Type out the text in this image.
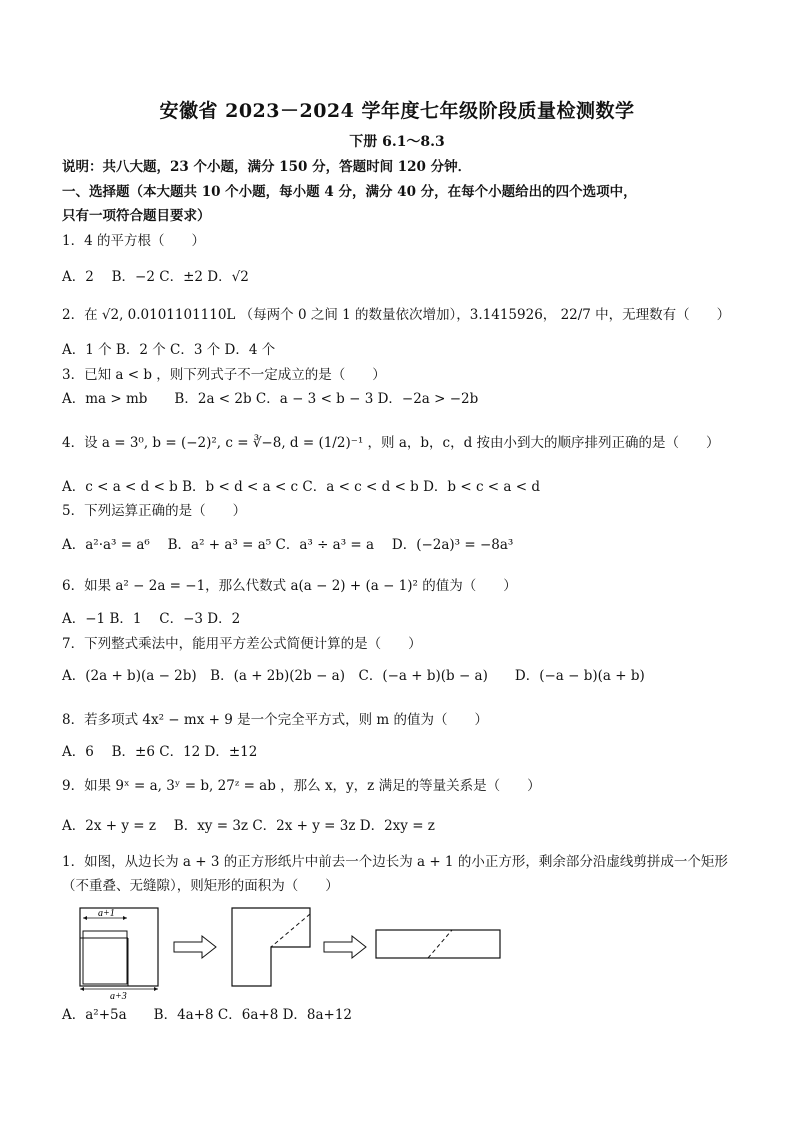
安徽省 2023－2024 学年度七年级阶段质量检测数学
下册 6.1～8.3
说明：共八大题，23 个小题，满分 150 分，答题时间 120 分钟．
一、选择题（本大题共 10 个小题，每小题 4 分，满分 40 分，在每个小题给出的四个选项中，
只有一项符合题目要求）
1．4 的平方根（　　）
A．2　 B．−2 C．±2 D．√2
2．在 √2, 0.0101101110L （每两个 0 之间 1 的数量依次增加），3.1415926， 22/7 中，无理数有（　　）
A．1 个 B．2 个 C．3 个 D．4 个
3．已知 a < b ，则下列式子不一定成立的是（　　）
A．ma > mb　　B．2a < 2b C．a − 3 < b − 3 D．−2a > −2b
4．设 a = 3⁰, b = (−2)², c = ∛−8, d = (1/2)⁻¹ ，则 a，b，c，d 按由小到大的顺序排列正确的是（　　）
A．c < a < d < b B．b < d < a < c C．a < c < d < b D．b < c < a < d
5．下列运算正确的是（　　）
A．a²·a³ = a⁶　 B．a² + a³ = a⁵ C．a³ ÷ a³ = a　 D．(−2a)³ = −8a³
6．如果 a² − 2a = −1，那么代数式 a(a − 2) + (a − 1)² 的值为（　　）
A．−1 B．1　 C．−3 D．2
7．下列整式乘法中，能用平方差公式简便计算的是（　　）
A．(2a + b)(a − 2b)　B．(a + 2b)(2b − a)　C．(−a + b)(b − a)　　D．(−a − b)(a + b)
8．若多项式 4x² − mx + 9 是一个完全平方式，则 m 的值为（　　）
A．6　 B．±6 C．12 D．±12
9．如果 9ˣ = a, 3ʸ = b, 27ᶻ = ab ，那么 x，y，z 满足的等量关系是（　　）
A．2x + y = z　 B．xy = 3z C．2x + y = 3z D．2xy = z
1．如图，从边长为 a + 3 的正方形纸片中前去一个边长为 a + 1 的小正方形，剩余部分沿虚线剪拼成一个矩形
（不重叠、无缝隙），则矩形的面积为（　　）
a+1
a+3
A．a²+5a　　B．4a+8 C．6a+8 D．8a+12
